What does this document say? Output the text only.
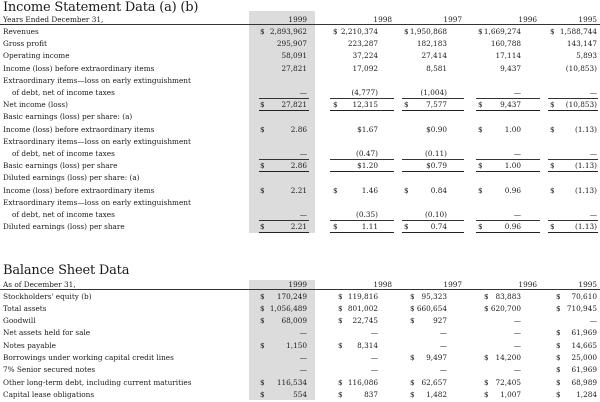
Income Statement Data (a) (b)
Years Ended December 31,	1999	1998	1997	1996	1995
Revenues	$ 2,893,962	$ 2,210,374	$ 1,950,868	$ 1,669,274	$ 1,588,744
Gross profit	295,907	223,287	182,183	160,788	143,147
Operating income	58,091	37,224	27,414	17,114	5,893
Income (loss) before extraordinary items	27,821	17,092	8,581	9,437	(10,853)
Extraordinary items—loss on early extinguishment
of debt, net of income taxes	—	(4,777)	(1,004)	—	—
Net income (loss)	$	27,821	$	12,315	$	7,577	$	9,437	$	(10,853)
Basic earnings (loss) per share: (a)
Income (loss) before extraordinary items	$	2.86	$1.67	$0.90	$	1.00	$	(1.13)
Extraordinary items—loss on early extinguishment
of debt, net of income taxes	—	(0.47)	(0.11)	—	—
Basic earnings (loss) per share	$	2.86	$1.20	$0.79	$	1.00	$	(1.13)
Diluted earnings (loss) per share: (a)
Income (loss) before extraordinary items	$	2.21	$	1.46	$	0.84	$	0.96	$	(1.13)
Extraordinary items—loss on early extinguishment
of debt, net of income taxes	—	(0.35)	(0.10)	—	—
Diluted earnings (loss) per share	$	2.21	$	1.11	$	0.74	$	0.96	$	(1.13)
Balance Sheet Data
As of December 31,	1999	1998	1997	1996	1995
Stockholders' equity (b)	$	170,249	$ 119,816	$ 95,323	$ 83,883	$	70,610
Total assets	$ 1,056,489	$ 801,002	$ 660,654	$ 620,700	$ 710,945
Goodwill	$	68,009	$	22,745	$	927	—	—
Net assets held for sale	—	—	—	—	$	61,969
Notes payable	$	1,150	$	8,314	—	—	$	14,665
Borrowings under working capital credit lines	—	—	$	9,497	$ 14,200	$	25,000
7% Senior secured notes	—	—	—	—	$	61,969
Other long-term debt, including current maturities	$	116,534	$ 116,086	$ 62,657	$ 72,405	$	68,989
Capital lease obligations	$	554	$	837	$	1,482	$	1,007	$	1,284
